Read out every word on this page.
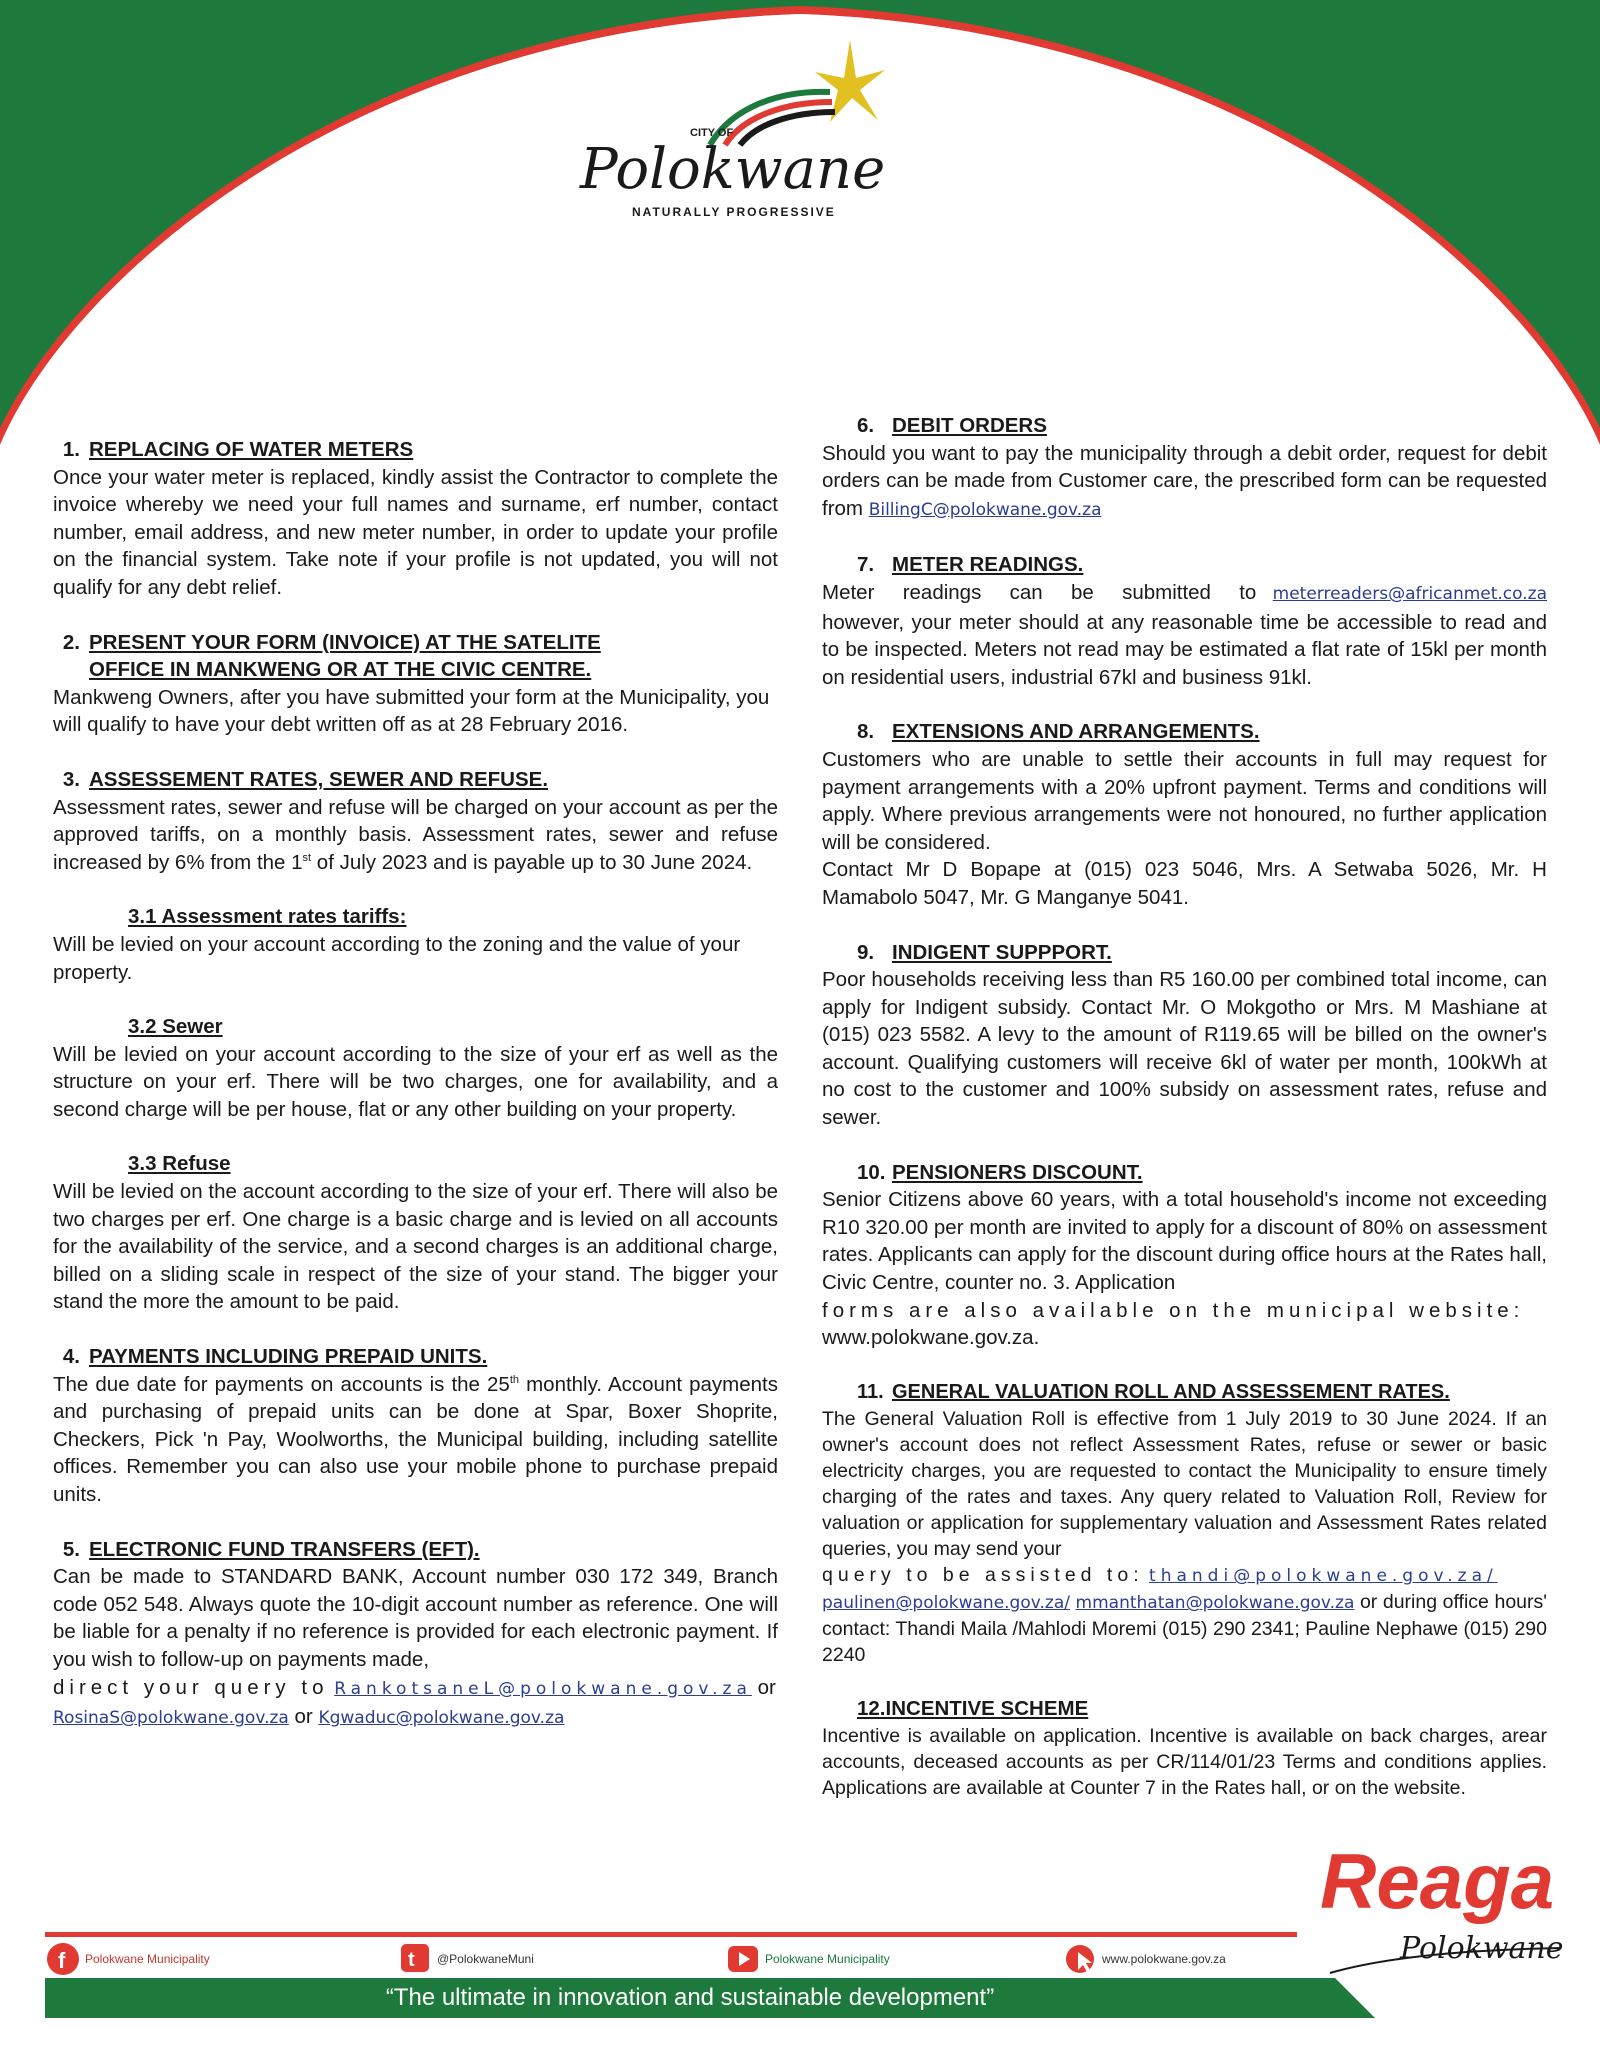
CITY OF
Polokwane
NATURALLY PROGRESSIVE

1. REPLACING OF WATER METERS

Once your water meter is replaced, kindly assist the Contractor to complete the invoice whereby we need your full names and surname, erf number, contact number, email address, and new meter number, in order to update your profile on the financial system. Take note if your profile is not updated, you will not qualify for any debt relief.

2. PRESENT YOUR FORM (INVOICE) AT THE SATELITE
OFFICE IN MANKWENG OR AT THE CIVIC CENTRE.

Mankweng Owners, after you have submitted your form at the Municipality, you will qualify to have your debt written off as at 28 February 2016.

3. ASSESSEMENT RATES, SEWER AND REFUSE.

Assessment rates, sewer and refuse will be charged on your account as per the approved tariffs, on a monthly basis. Assessment rates, sewer and refuse increased by 6% from the 1st of July 2023 and is payable up to 30 June 2024.

3.1 Assessment rates tariffs:

Will be levied on your account according to the zoning and the value of your property.

3.2 Sewer

Will be levied on your account according to the size of your erf as well as the structure on your erf. There will be two charges, one for availability, and a second charge will be per house, flat or any other building on your property.

3.3 Refuse

Will be levied on the account according to the size of your erf. There will also be two charges per erf. One charge is a basic charge and is levied on all accounts for the availability of the service, and a second charges is an additional charge, billed on a sliding scale in respect of the size of your stand. The bigger your stand the more the amount to be paid.

4. PAYMENTS INCLUDING PREPAID UNITS.

The due date for payments on accounts is the 25th monthly. Account payments and purchasing of prepaid units can be done at Spar, Boxer Shoprite, Checkers, Pick 'n Pay, Woolworths, the Municipal building, including satellite offices. Remember you can also use your mobile phone to purchase prepaid units.

5. ELECTRONIC FUND TRANSFERS (EFT).

Can be made to STANDARD BANK, Account number 030 172 349, Branch code 052 548. Always quote the 10-digit account number as reference. One will be liable for a penalty if no reference is provided for each electronic payment. If you wish to follow-up on payments made,

direct your query to RankotsaneL@polokwane.gov.za or
RosinaS@polokwane.gov.za or Kgwaduc@polokwane.gov.za

6. DEBIT ORDERS

Should you want to pay the municipality through a debit order, request for debit orders can be made from Customer care, the prescribed form can be requested from BillingC@polokwane.gov.za

7. METER READINGS.

Meter readings can be submitted to meterreaders@africanmet.co.za however, your meter should at any reasonable time be accessible to read and to be inspected. Meters not read may be estimated a flat rate of 15kl per month on residential users, industrial 67kl and business 91kl.

8. EXTENSIONS AND ARRANGEMENTS.

Customers who are unable to settle their accounts in full may request for payment arrangements with a 20% upfront payment. Terms and conditions will apply. Where previous arrangements were not honoured, no further application will be considered.

Contact Mr D Bopape at (015) 023 5046, Mrs. A Setwaba 5026, Mr. H Mamabolo 5047, Mr. G Manganye 5041.

9. INDIGENT SUPPPORT.

Poor households receiving less than R5 160.00 per combined total income, can apply for Indigent subsidy. Contact Mr. O Mokgotho or Mrs. M Mashiane at (015) 023 5582. A levy to the amount of R119.65 will be billed on the owner's account. Qualifying customers will receive 6kl of water per month, 100kWh at no cost to the customer and 100% subsidy on assessment rates, refuse and sewer.

10. PENSIONERS DISCOUNT.

Senior Citizens above 60 years, with a total household's income not exceeding R10 320.00 per month are invited to apply for a discount of 80% on assessment rates. Applicants can apply for the discount during office hours at the Rates hall, Civic Centre, counter no. 3. Application

forms are also available on the municipal website:

www.polokwane.gov.za.

11. GENERAL VALUATION ROLL AND ASSESSEMENT RATES.

The General Valuation Roll is effective from 1 July 2019 to 30 June 2024. If an owner's account does not reflect Assessment Rates, refuse or sewer or basic electricity charges, you are requested to contact the Municipality to ensure timely charging of the rates and taxes. Any query related to Valuation Roll, Review for valuation or application for supplementary valuation and Assessment Rates related queries, you may send your

query to be assisted to: thandi@polokwane.gov.za/
paulinen@polokwane.gov.za/ mmanthatan@polokwane.gov.za or during office hours' contact: Thandi Maila /Mahlodi Moremi (015) 290 2341; Pauline Nephawe (015) 290 2240

12.INCENTIVE SCHEME

Incentive is available on application. Incentive is available on back charges, arear accounts, deceased accounts as per CR/114/01/23 Terms and conditions applies. Applications are available at Counter 7 in the Rates hall, or on the website.

Reaga
Polokwane
f Polokwane Municipality	t @PolokwaneMuni	Polokwane Municipality	www.polokwane.gov.za
“The ultimate in innovation and sustainable development”
